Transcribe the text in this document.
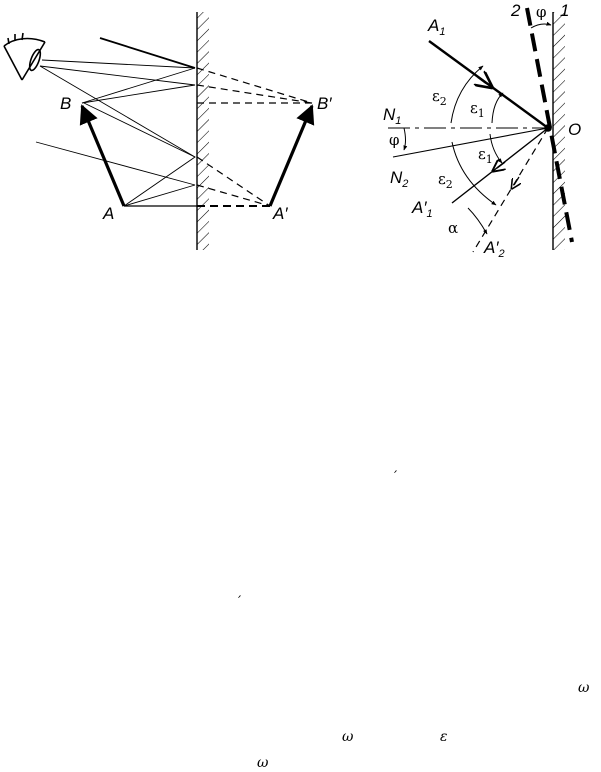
A
B
A′
B′
$A_1$
2 φ 1
$N_1$
φ
$N_2$
$\varepsilon_2$ $\varepsilon_1$
$\varepsilon_1$
$\varepsilon_2$
O
$A'_1$
α
$A'_2$
′
′
ω
ω	ε
ω
